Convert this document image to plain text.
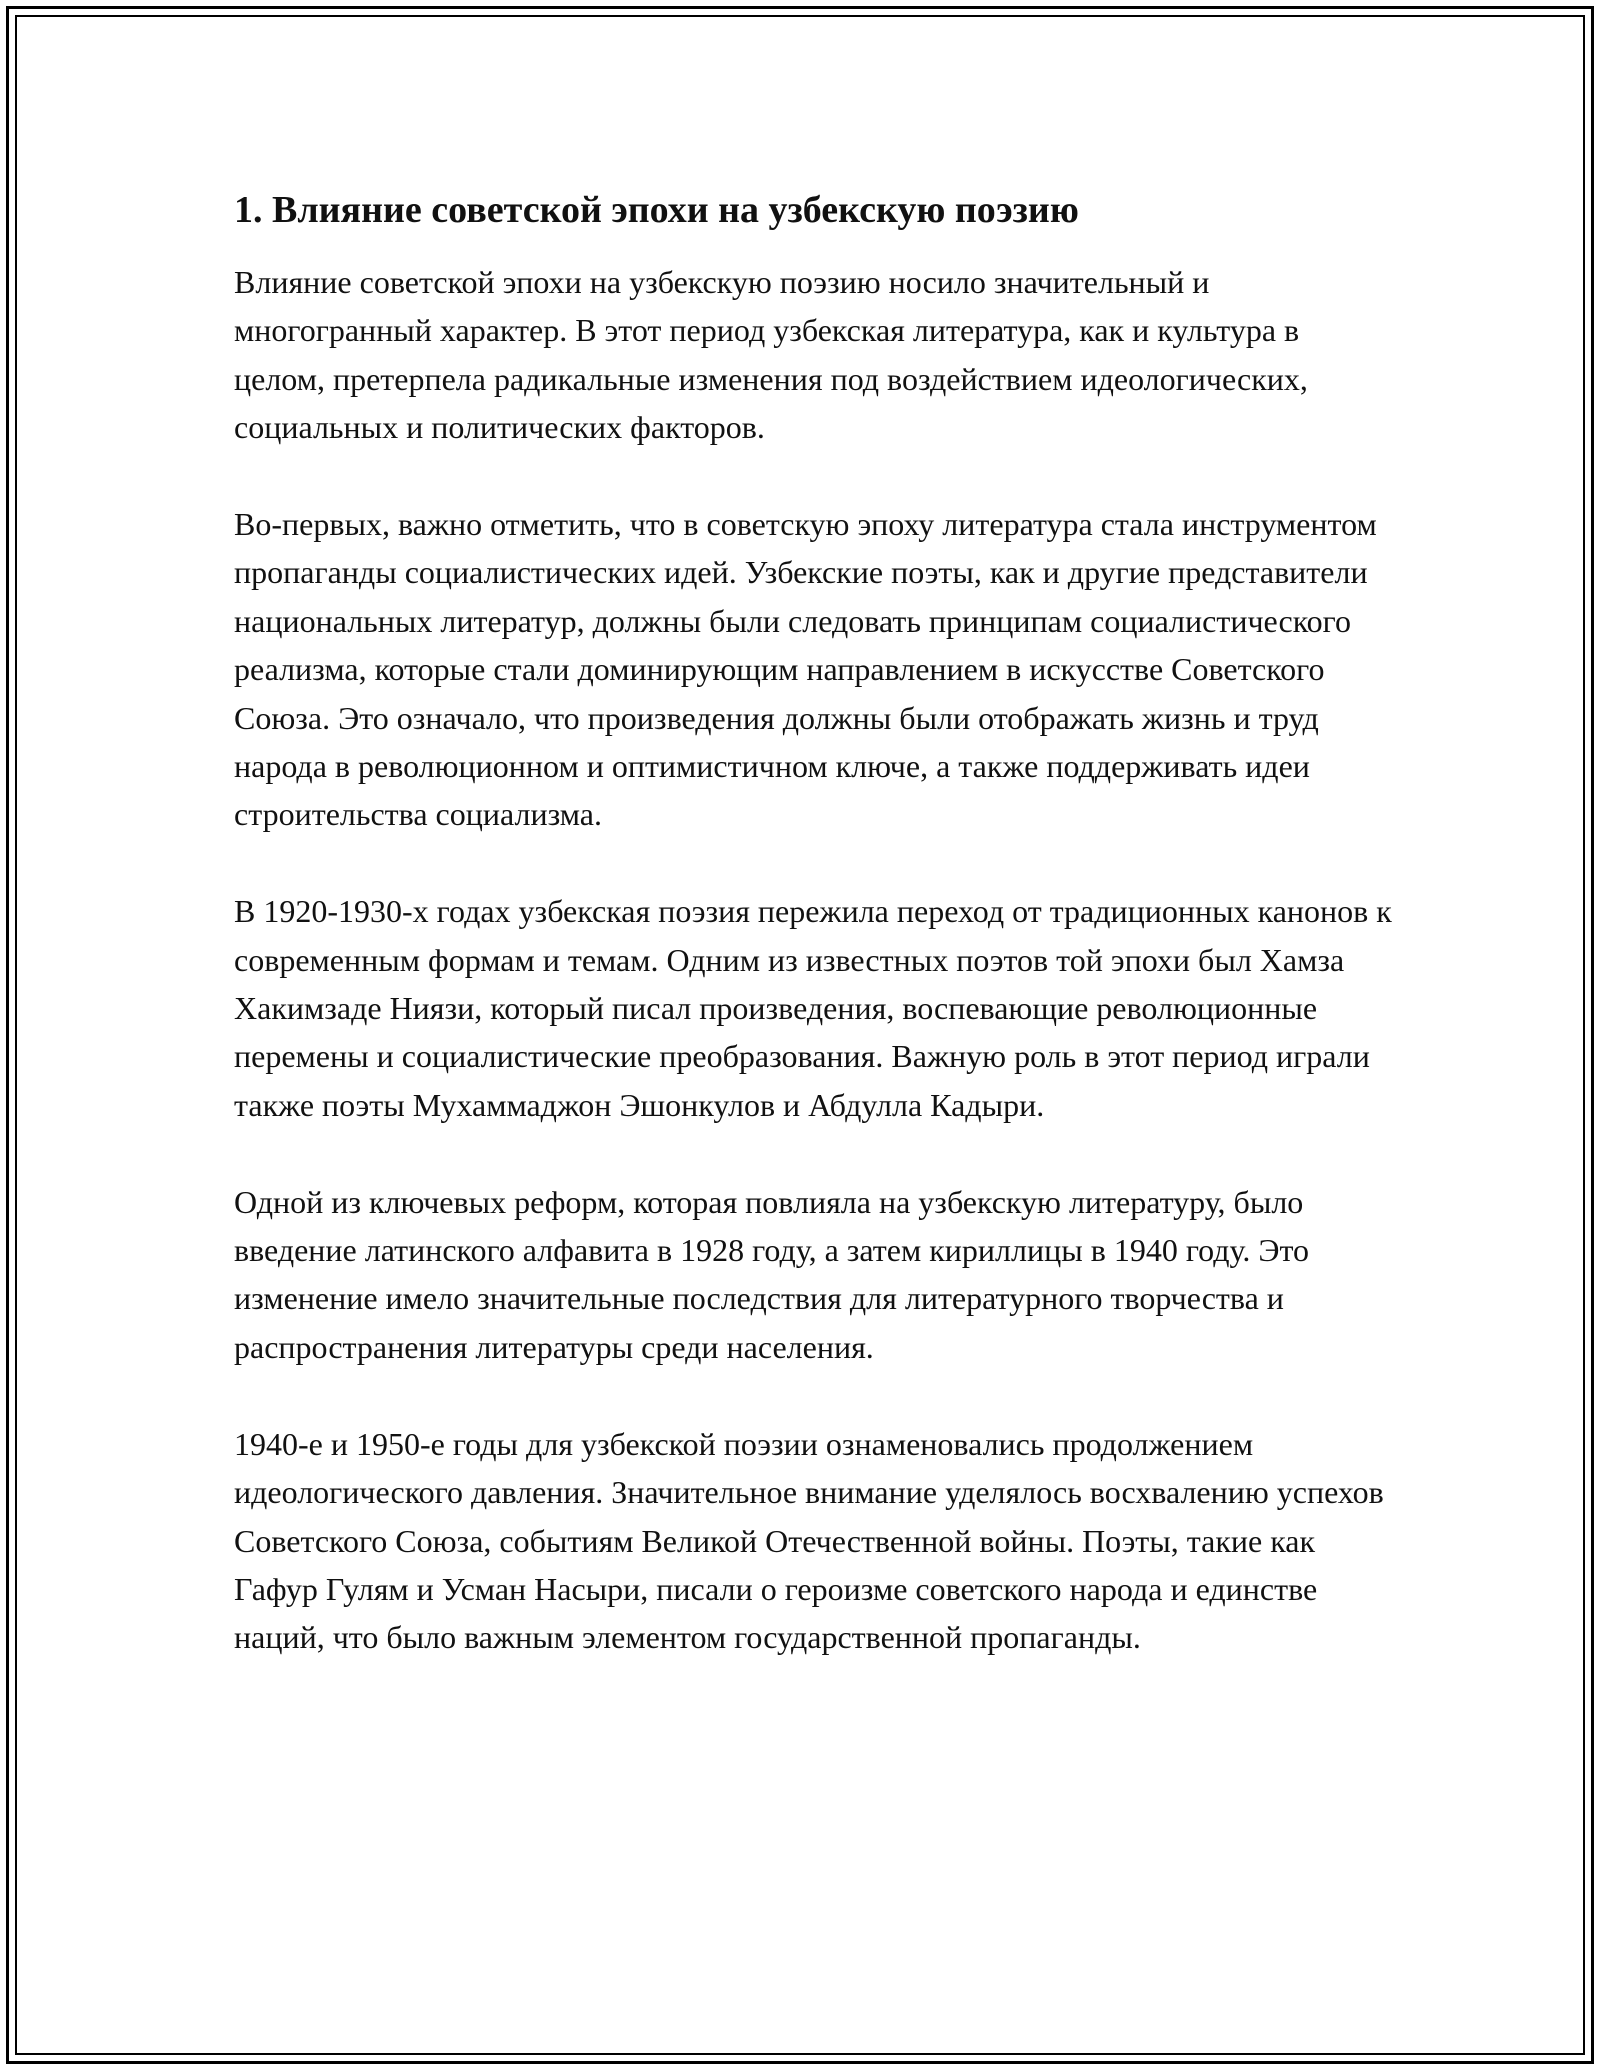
1. Влияние советской эпохи на узбекскую поэзию

Влияние советской эпохи на узбекскую поэзию носило значительный и многогранный характер. В этот период узбекская литература, как и культура в целом, претерпела радикальные изменения под воздействием идеологических, социальных и политических факторов.

Во-первых, важно отметить, что в советскую эпоху литература стала инструментом пропаганды социалистических идей. Узбекские поэты, как и другие представители национальных литератур, должны были следовать принципам социалистического реализма, которые стали доминирующим направлением в искусстве Советского Союза. Это означало, что произведения должны были отображать жизнь и труд народа в революционном и оптимистичном ключе, а также поддерживать идеи строительства социализма.

В 1920-1930-х годах узбекская поэзия пережила переход от традиционных канонов к современным формам и темам. Одним из известных поэтов той эпохи был Хамза Хакимзаде Ниязи, который писал произведения, воспевающие революционные перемены и социалистические преобразования. Важную роль в этот период играли также поэты Мухаммаджон Эшонкулов и Абдулла Кадыри.

Одной из ключевых реформ, которая повлияла на узбекскую литературу, было введение латинского алфавита в 1928 году, а затем кириллицы в 1940 году. Это изменение имело значительные последствия для литературного творчества и распространения литературы среди населения.

1940-е и 1950-е годы для узбекской поэзии ознаменовались продолжением идеологического давления. Значительное внимание уделялось восхвалению успехов Советского Союза, событиям Великой Отечественной войны. Поэты, такие как Гафур Гулям и Усман Насыри, писали о героизме советского народа и единстве наций, что было важным элементом государственной пропаганды.
